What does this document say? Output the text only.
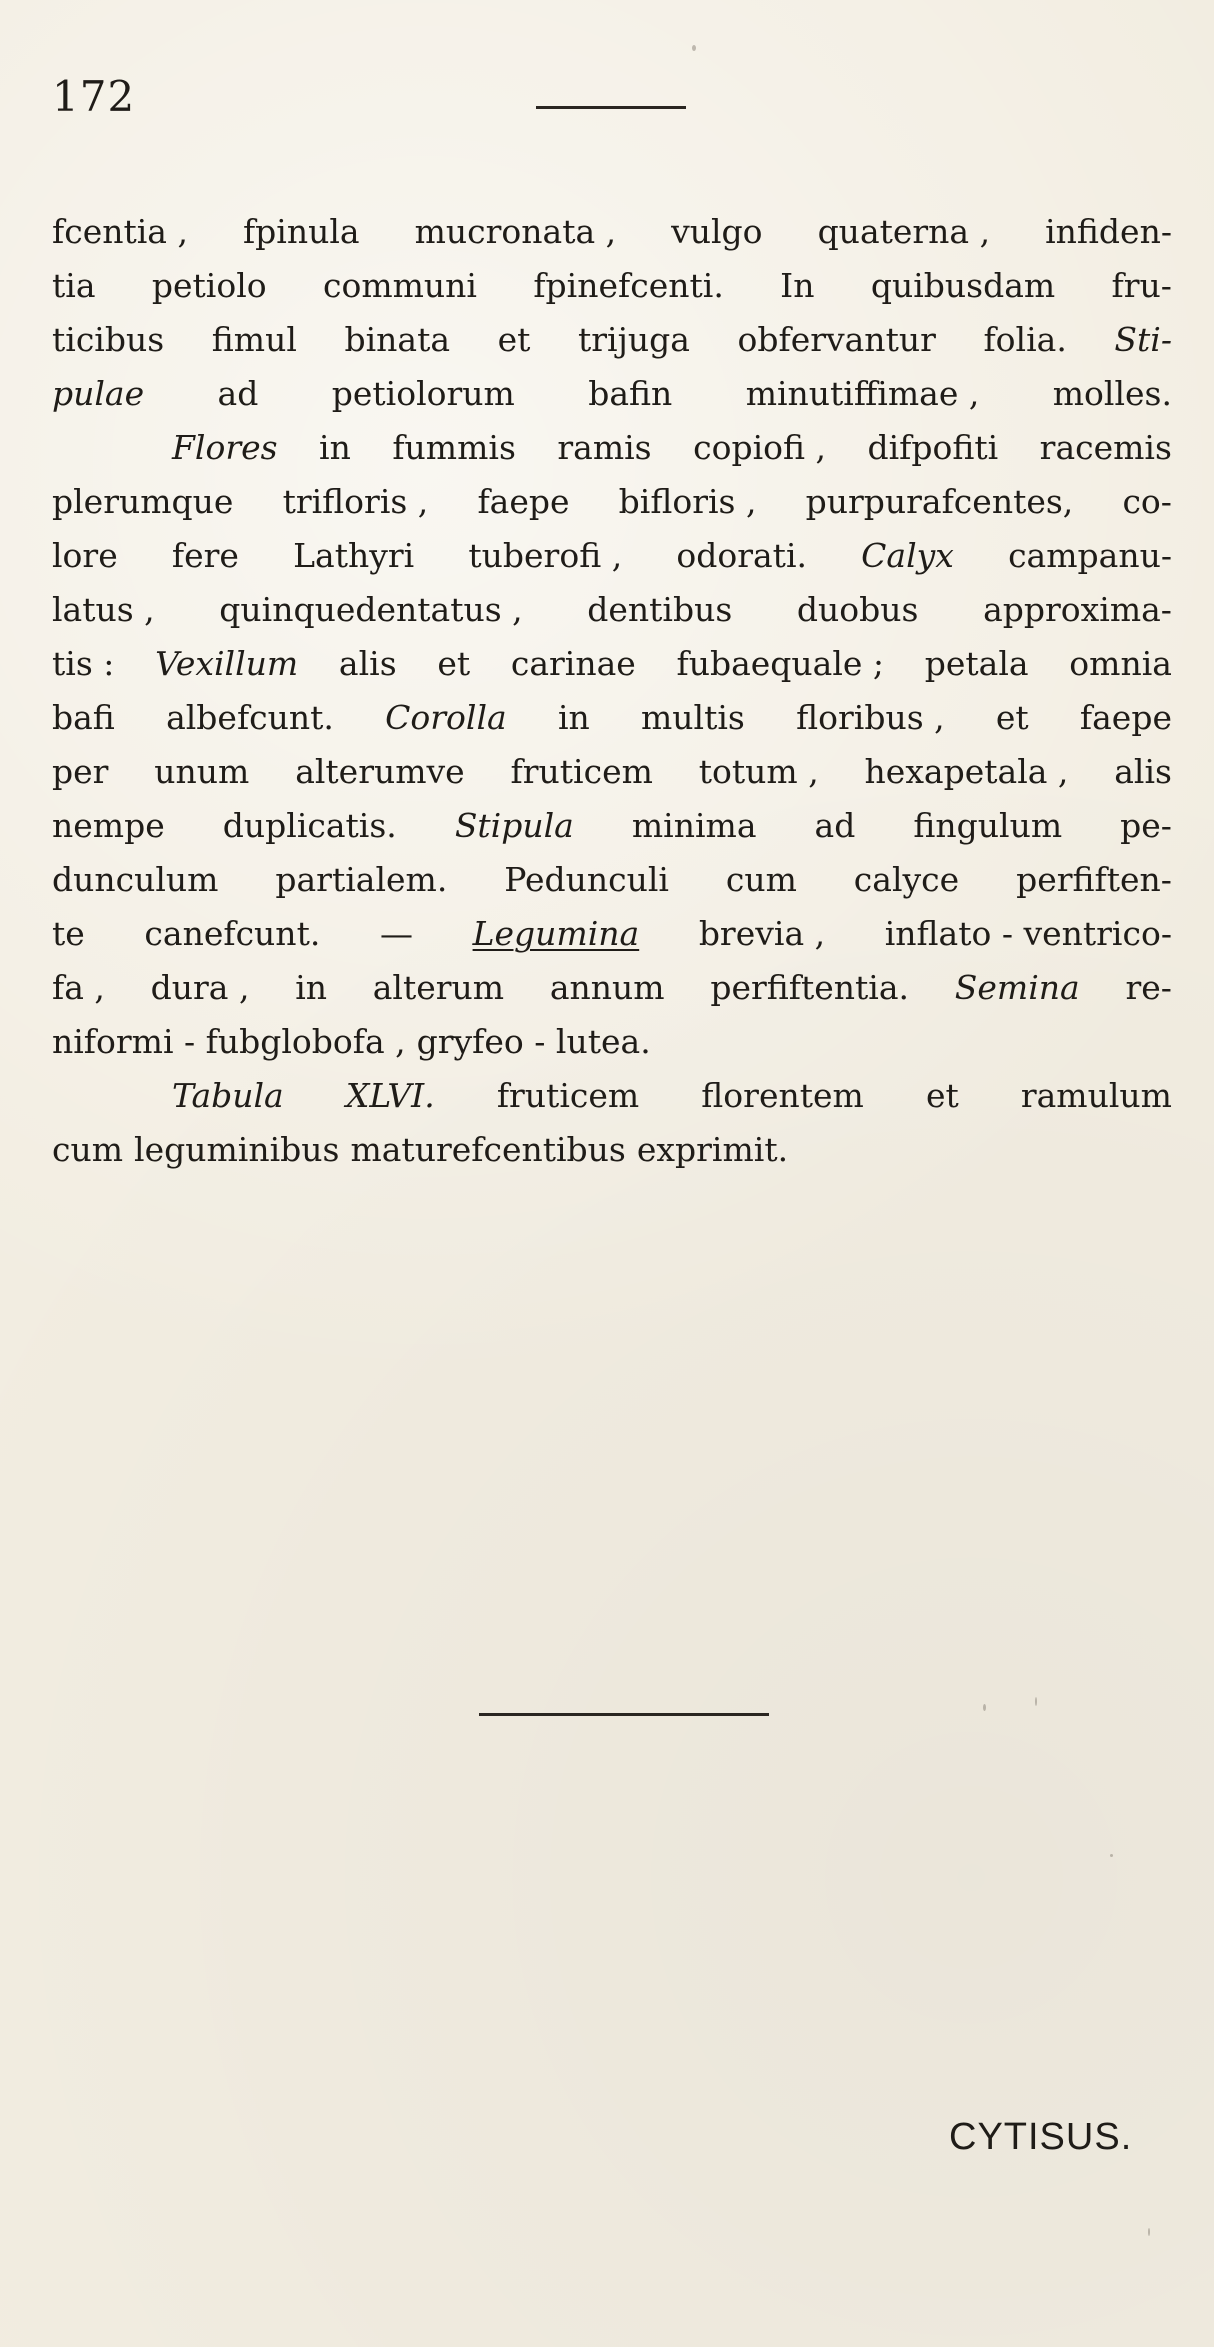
172
fcentia , fpinula mucronata , vulgo quaterna , infiden-
tia petiolo communi fpinefcenti. In quibusdam fru-
ticibus fimul binata et trijuga obfervantur folia. Sti-
pulae ad petiolorum bafin minutiffimae , molles.
Flores in fummis ramis copiofi , difpofiti racemis
plerumque trifloris , faepe bifloris , purpurafcentes, co-
lore fere Lathyri tuberofi , odorati. Calyx campanu-
latus , quinquedentatus , dentibus duobus approxima-
tis : Vexillum alis et carinae fubaequale ; petala omnia
bafi albefcunt. Corolla in multis floribus , et faepe
per unum alterumve fruticem totum , hexapetala , alis
nempe duplicatis. Stipula minima ad fingulum pe-
dunculum partialem. Pedunculi cum calyce perfiften-
te canefcunt. — Legumina brevia , inflato - ventrico-
fa , dura , in alterum annum perfiftentia. Semina re-
niformi - fubglobofa , gryfeo - lutea.
Tabula XLVI. fruticem florentem et ramulum
cum leguminibus maturefcentibus exprimit.
CYTISUS.
